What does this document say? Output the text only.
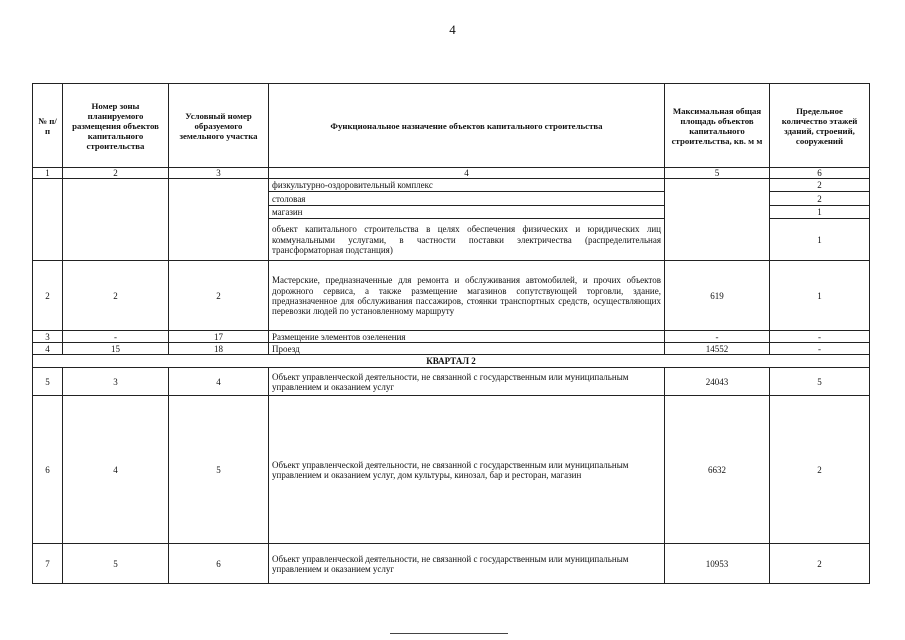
4
№ п/п	Номер зоны планируемого размещения объектов капитального строительства	Условный номер образуемого земельного участка	Функциональное назначение объектов капитального строительства	Максимальная общая площадь объектов капитального строительства, кв. м м	Предельное количество этажей зданий, строений, сооружений
1	2	3	4	5	6
			физкультурно-оздоровительный комплекс		2
			столовая		2
			магазин		1
			объект капитального строительства в целях обеспечения физических и юридических лиц коммунальными услугами, в частности поставки электричества (распределительная трансформаторная подстанция)		1
2	2	2	Мастерские, предназначенные для ремонта и обслуживания автомобилей, и прочих объектов дорожного сервиса, а также размещение магазинов сопутствующей торговли, здание, предназначенное для обслуживания пассажиров, стоянки транспортных средств, осуществляющих перевозки людей по установленному маршруту	619	1
3	-	17	Размещение элементов озеленения	-	-
4	15	18	Проезд	14552	-
КВАРТАЛ 2					
5	3	4	Объект управленческой деятельности, не связанной с государственным или муниципальным управлением и оказанием услуг	24043	5
6	4	5	Объект управленческой деятельности, не связанной с государственным или муниципальным управлением и оказанием услуг, дом культуры, кинозал, бар и ресторан, магазин	6632	2
7	5	6	Объект управленческой деятельности, не связанной с государственным или муниципальным управлением и оказанием услуг	10953	2
